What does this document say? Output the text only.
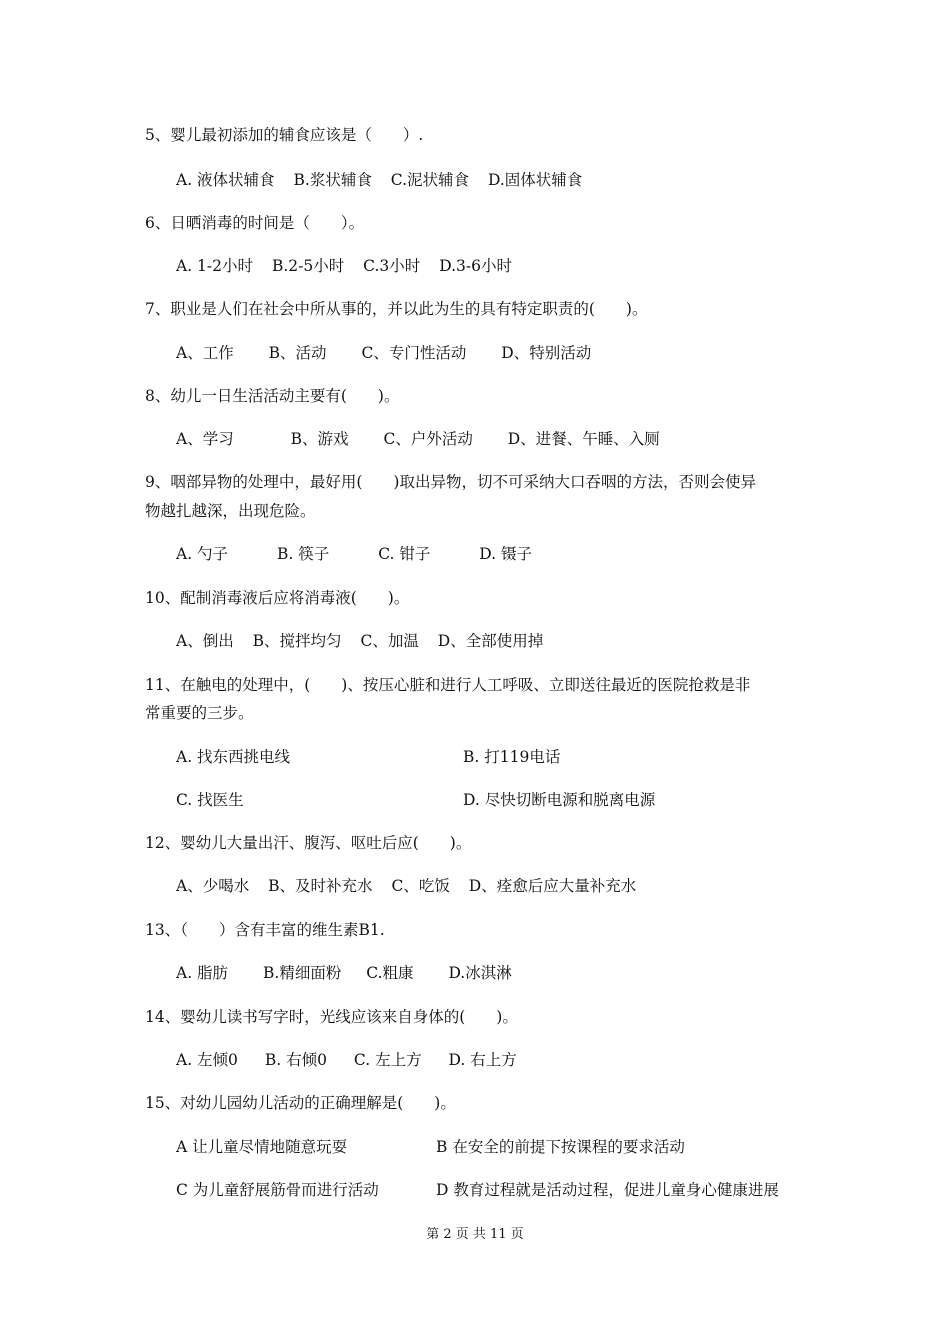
5、婴儿最初添加的辅食应该是（　　）.
A. 液体状辅食 B.浆状辅食 C.泥状辅食 D.固体状辅食
6、日晒消毒的时间是（　　）。
A. 1-2小时 B.2-5小时 C.3小时 D.3-6小时
7、职业是人们在社会中所从事的，并以此为生的具有特定职责的(　　)。
A、工作 B、活动 C、专门性活动 D、特别活动
8、幼儿一日生活活动主要有(　　)。
A、学习	B、游戏 C、户外活动 D、进餐、午睡、入厕
9、咽部异物的处理中，最好用(　　)取出异物，切不可采纳大口吞咽的方法，否则会使异
物越扎越深，出现危险。
A. 勺子	B. 筷子	C. 钳子	D. 镊子
10、配制消毒液后应将消毒液(　　)。
A、倒出 B、搅拌均匀 C、加温 D、全部使用掉
11、在触电的处理中，(　　)、按压心脏和进行人工呼吸、立即送往最近的医院抢救是非
常重要的三步。
A. 找东西挑电线	B. 打119电话
C. 找医生	D. 尽快切断电源和脱离电源
12、婴幼儿大量出汗、腹泻、呕吐后应(　　)。
A、少喝水 B、及时补充水 C、吃饭 D、痊愈后应大量补充水
13、（　　）含有丰富的维生素B1.
A. 脂肪 B.精细面粉 C.粗康 D.冰淇淋
14、婴幼儿读书写字时，光线应该来自身体的(　　)。
A. 左倾0 B. 右倾0 C. 左上方 D. 右上方
15、对幼儿园幼儿活动的正确理解是(　　)。
A 让儿童尽情地随意玩耍	B 在安全的前提下按课程的要求活动
C 为儿童舒展筋骨而进行活动	D 教育过程就是活动过程，促进儿童身心健康进展
第 2 页 共 11 页
